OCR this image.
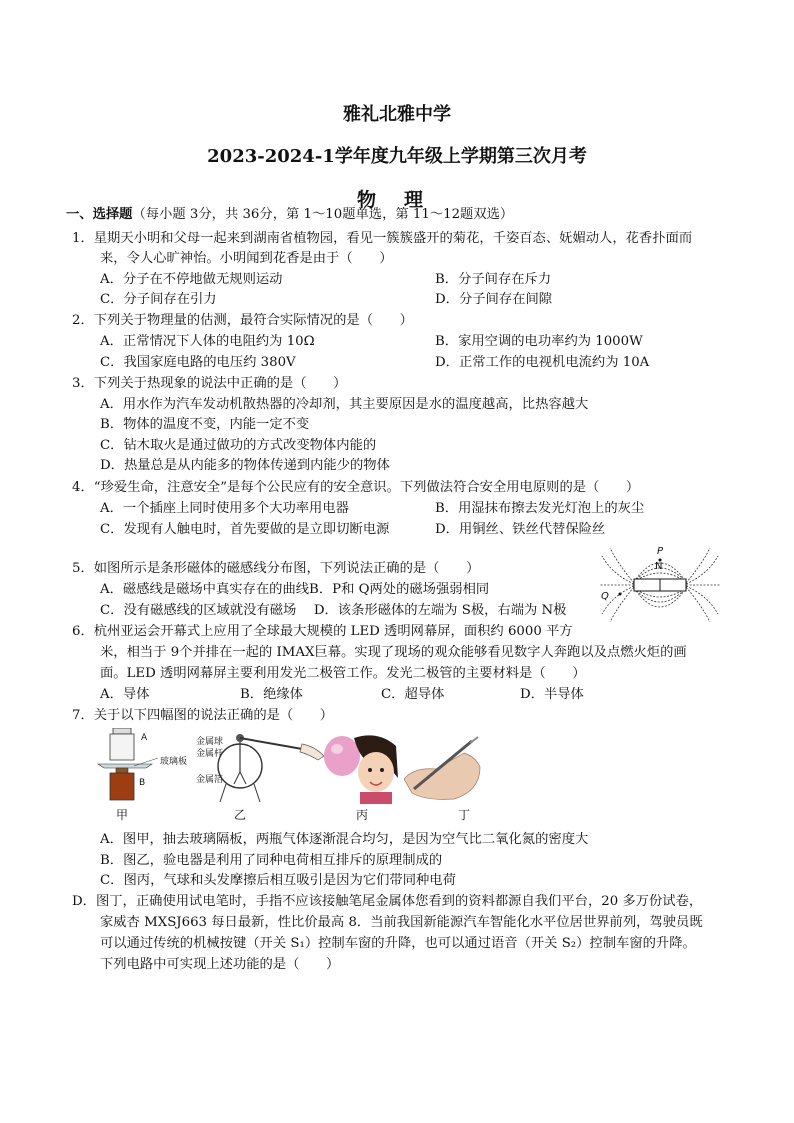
雅礼北雅中学
2023-2024-1学年度九年级上学期第三次月考
物理
一、选择题（每小题 3分，共 36分，第 1～10题单选，第 11～12题双选）
1．星期天小明和父母一起来到湖南省植物园，看见一簇簇盛开的菊花，千姿百态、妩媚动人，花香扑面而
来，令人心旷神怡。小明闻到花香是由于（　　）
A．分子在不停地做无规则运动	B．分子间存在斥力
C．分子间存在引力	D．分子间存在间隙
2．下列关于物理量的估测，最符合实际情况的是（　　）
A．正常情况下人体的电阻约为 10Ω	B．家用空调的电功率约为 1000W
C．我国家庭电路的电压约 380V	D．正常工作的电视机电流约为 10A
3．下列关于热现象的说法中正确的是（　　）
A．用水作为汽车发动机散热器的冷却剂，其主要原因是水的温度越高，比热容越大
B．物体的温度不变，内能一定不变
C．钻木取火是通过做功的方式改变物体内能的
D．热量总是从内能多的物体传递到内能少的物体
4．“珍爱生命，注意安全”是每个公民应有的安全意识。下列做法符合安全用电原则的是（　　）
A．一个插座上同时使用多个大功率用电器	B．用湿抹布擦去发光灯泡上的灰尘
C．发现有人触电时，首先要做的是立即切断电源	D．用铜丝、铁丝代替保险丝
5．如图所示是条形磁体的磁感线分布图，下列说法正确的是（　　）
A．磁感线是磁场中真实存在的曲线B．P和 Q两处的磁场强弱相同
C．没有磁感线的区域就没有磁场　 D．该条形磁体的左端为 S极，右端为 N极
P
N
Q
6．杭州亚运会开幕式上应用了全球最大规模的 LED 透明网幕屏，面积约 6000 平方
米，相当于 9个并排在一起的 IMAX巨幕。实现了现场的观众能够看见数字人奔跑以及点燃火炬的画
面。LED 透明网幕屏主要利用发光二极管工作。发光二极管的主要材料是（　　）
A．导体	B．绝缘体	C．超导体	D．半导体
7．关于以下四幅图的说法正确的是（　　）
A
玻璃板
B
金属球
金属杆
金属箔
甲	乙	丙	丁
A．图甲，抽去玻璃隔板，两瓶气体逐渐混合均匀，是因为空气比二氧化氮的密度大
B．图乙，验电器是利用了同种电荷相互排斥的原理制成的
C．图丙，气球和头发摩擦后相互吸引是因为它们带同种电荷
D．图丁，正确使用试电笔时，手指不应该接触笔尾金属体您看到的资料都源自我们平台，20 多万份试卷，
家威杏 MXSJ663 每日最新，性比价最高 8．当前我国新能源汽车智能化水平位居世界前列，驾驶员既
可以通过传统的机械按键（开关 S₁）控制车窗的升降，也可以通过语音（开关 S₂）控制车窗的升降。
下列电路中可实现上述功能的是（　　）
